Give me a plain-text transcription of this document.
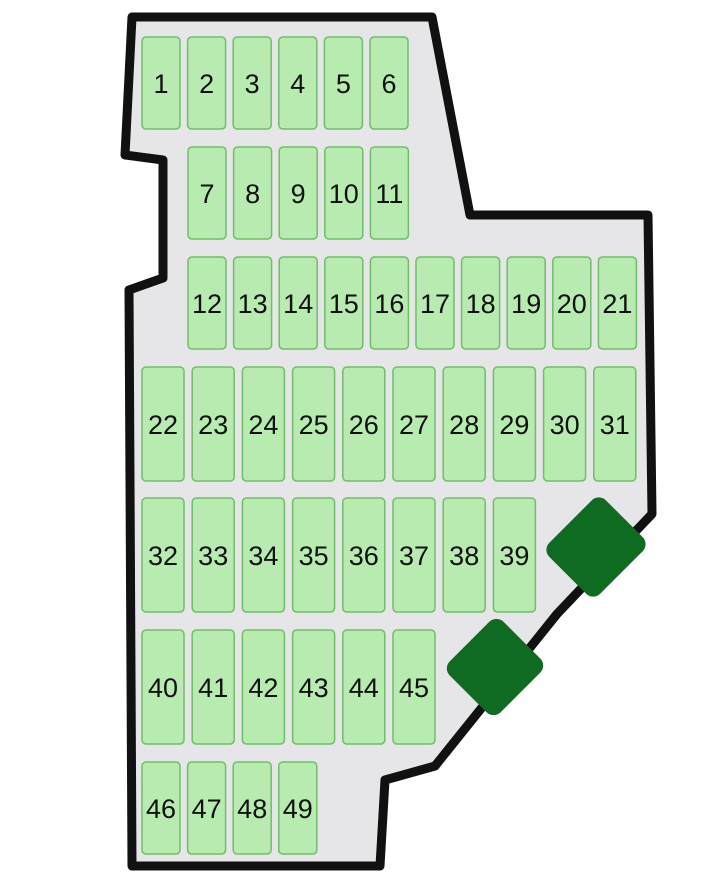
1 2 3 4 5 6
7 8 9 10 11
12 13 14 15 16 17 18 19 20 21
22 23 24 25 26 27 28 29 30 31
32 33 34 35 36 37 38 39
40 41 42 43 44 45
46 47 48 49
